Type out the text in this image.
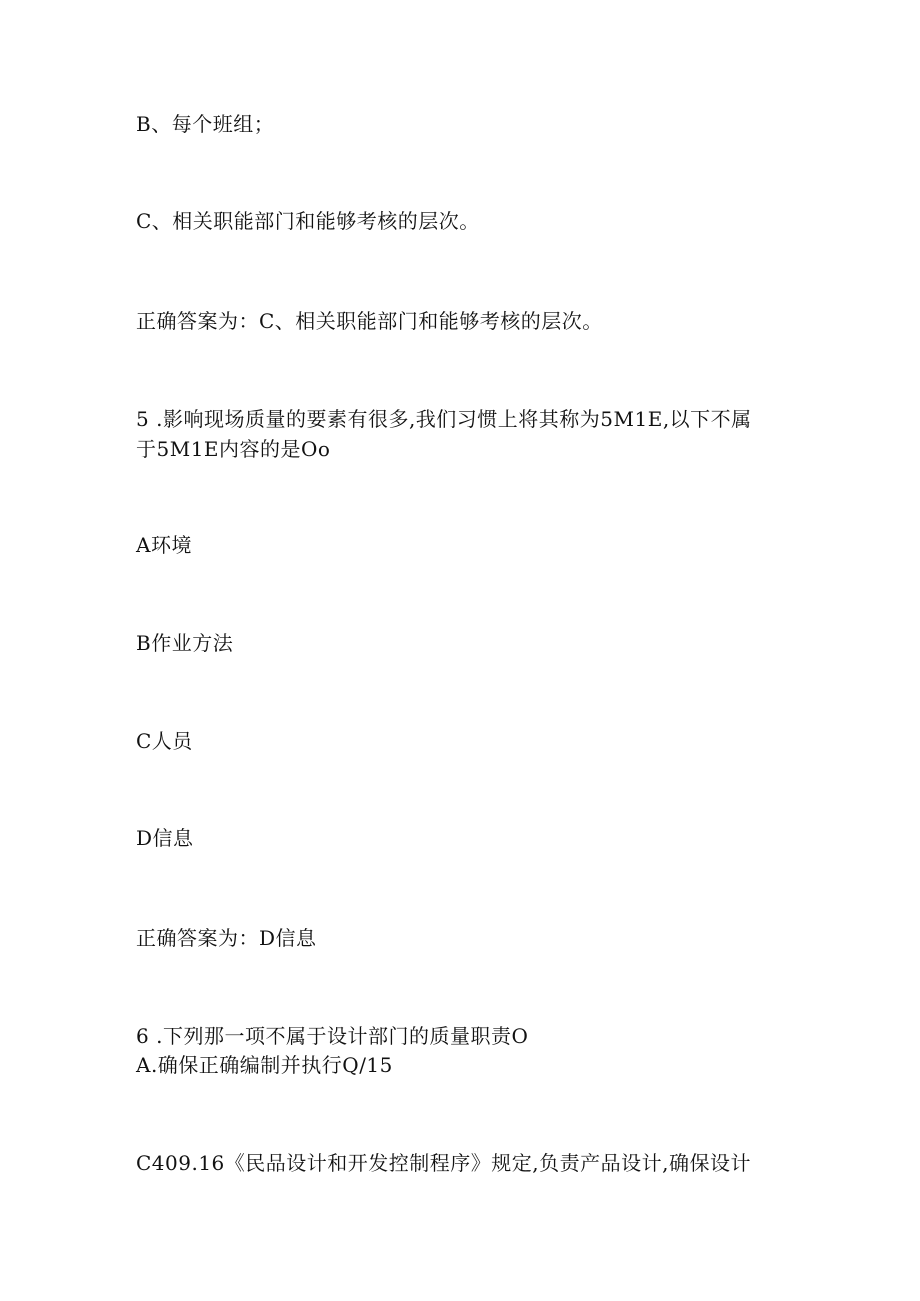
B、每个班组；
C、相关职能部门和能够考核的层次。
正确答案为：C、相关职能部门和能够考核的层次。
5 .影响现场质量的要素有很多,我们习惯上将其称为5M1E,以下不属
于5M1E内容的是Oo
A环境
B作业方法
C人员
D信息
正确答案为：D信息
6 .下列那一项不属于设计部门的质量职责O
A.确保正确编制并执行Q/15
C409.16《民品设计和开发控制程序》规定,负责产品设计,确保设计
